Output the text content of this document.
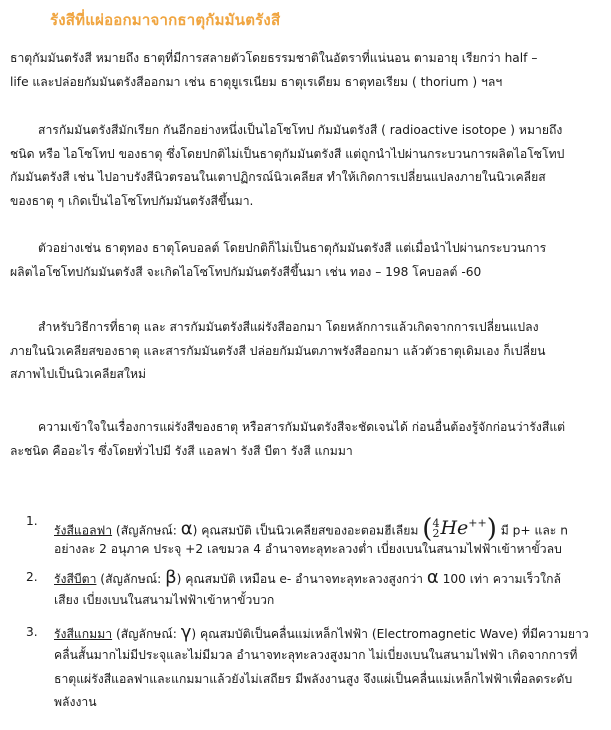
รังสีที่แผ่ออกมาจากธาตุกัมมันตรังสี
ธาตุกัมมันตรังสี หมายถึง ธาตุที่มีการสลายตัวโดยธรรมชาติในอัตราที่แน่นอน ตามอายุ เรียกว่า half –
life และปล่อยกัมมันตรังสีออกมา เช่น ธาตุยูเรเนียม ธาตุเรเดียม ธาตุทอเรียม ( thorium ) ฯลฯ
สารกัมมันตรังสีมักเรียก กันอีกอย่างหนึ่งเป็นไอโซโทป กัมมันตรังสี ( radioactive isotope ) หมายถึง
ชนิด หรือ ไอโซโทป ของธาตุ ซึ่งโดยปกติไม่เป็นธาตุกัมมันตรังสี แต่ถูกนำไปผ่านกระบวนการผลิตไอโซโทป
กัมมันตรังสี เช่น ไปอาบรังสีนิวตรอนในเตาปฏิกรณ์นิวเคลียส ทำให้เกิดการเปลี่ยนแปลงภายในนิวเคลียส
ของธาตุ ๆ เกิดเป็นไอโซโทปกัมมันตรังสีขึ้นมา.
ตัวอย่างเช่น ธาตุทอง ธาตุโคบอลต์ โดยปกติก็ไม่เป็นธาตุกัมมันตรังสี แต่เมื่อนำไปผ่านกระบวนการ
ผลิตไอโซโทปกัมมันตรังสี จะเกิดไอโซโทปกัมมันตรังสีขึ้นมา เช่น ทอง – 198 โคบอลต์ -60
สำหรับวิธีการที่ธาตุ และ สารกัมมันตรังสีแผ่รังสีออกมา โดยหลักการแล้วเกิดจากการเปลี่ยนแปลง
ภายในนิวเคลียสของธาตุ และสารกัมมันตรังสี ปล่อยกัมมันตภาพรังสีออกมา แล้วตัวธาตุเดิมเอง ก็เปลี่ยน
สภาพไปเป็นนิวเคลียสใหม่
ความเข้าใจในเรื่องการแผ่รังสีของธาตุ หรือสารกัมมันตรังสีจะชัดเจนได้ ก่อนอื่นต้องรู้จักก่อนว่ารังสีแต่
ละชนิด คืออะไร ซึ่งโดยทั่วไปมี รังสี แอลฟา รังสี บีตา รังสี แกมมา
1.
รังสีแอลฟา (สัญลักษณ์: α) คุณสมบัติ เป็นนิวเคลียสของอะตอมฮีเลียม ( 4
2 He++) มี p+ และ n
อย่างละ 2 อนุภาค ประจุ +2 เลขมวล 4 อำนาจทะลุทะลวงต่ำ เบี่ยงเบนในสนามไฟฟ้าเข้าหาขั้วลบ
2. รังสีบีตา (สัญลักษณ์: β) คุณสมบัติ เหมือน e- อำนาจทะลุทะลวงสูงกว่า α 100 เท่า ความเร็วใกล้
เสียง เบี่ยงเบนในสนามไฟฟ้าเข้าหาขั้วบวก
3. รังสีแกมมา (สัญลักษณ์: γ) คุณสมบัติเป็นคลื่นแม่เหล็กไฟฟ้า (Electromagnetic Wave) ที่มีความยาว
คลื่นสั้นมากไม่มีประจุและไม่มีมวล อำนาจทะลุทะลวงสูงมาก ไม่เบี่ยงเบนในสนามไฟฟ้า เกิดจากการที่
ธาตุแผ่รังสีแอลฟาและแกมมาแล้วยังไม่เสถียร มีพลังงานสูง จึงแผ่เป็นคลื่นแม่เหล็กไฟฟ้าเพื่อลดระดับ
พลังงาน
